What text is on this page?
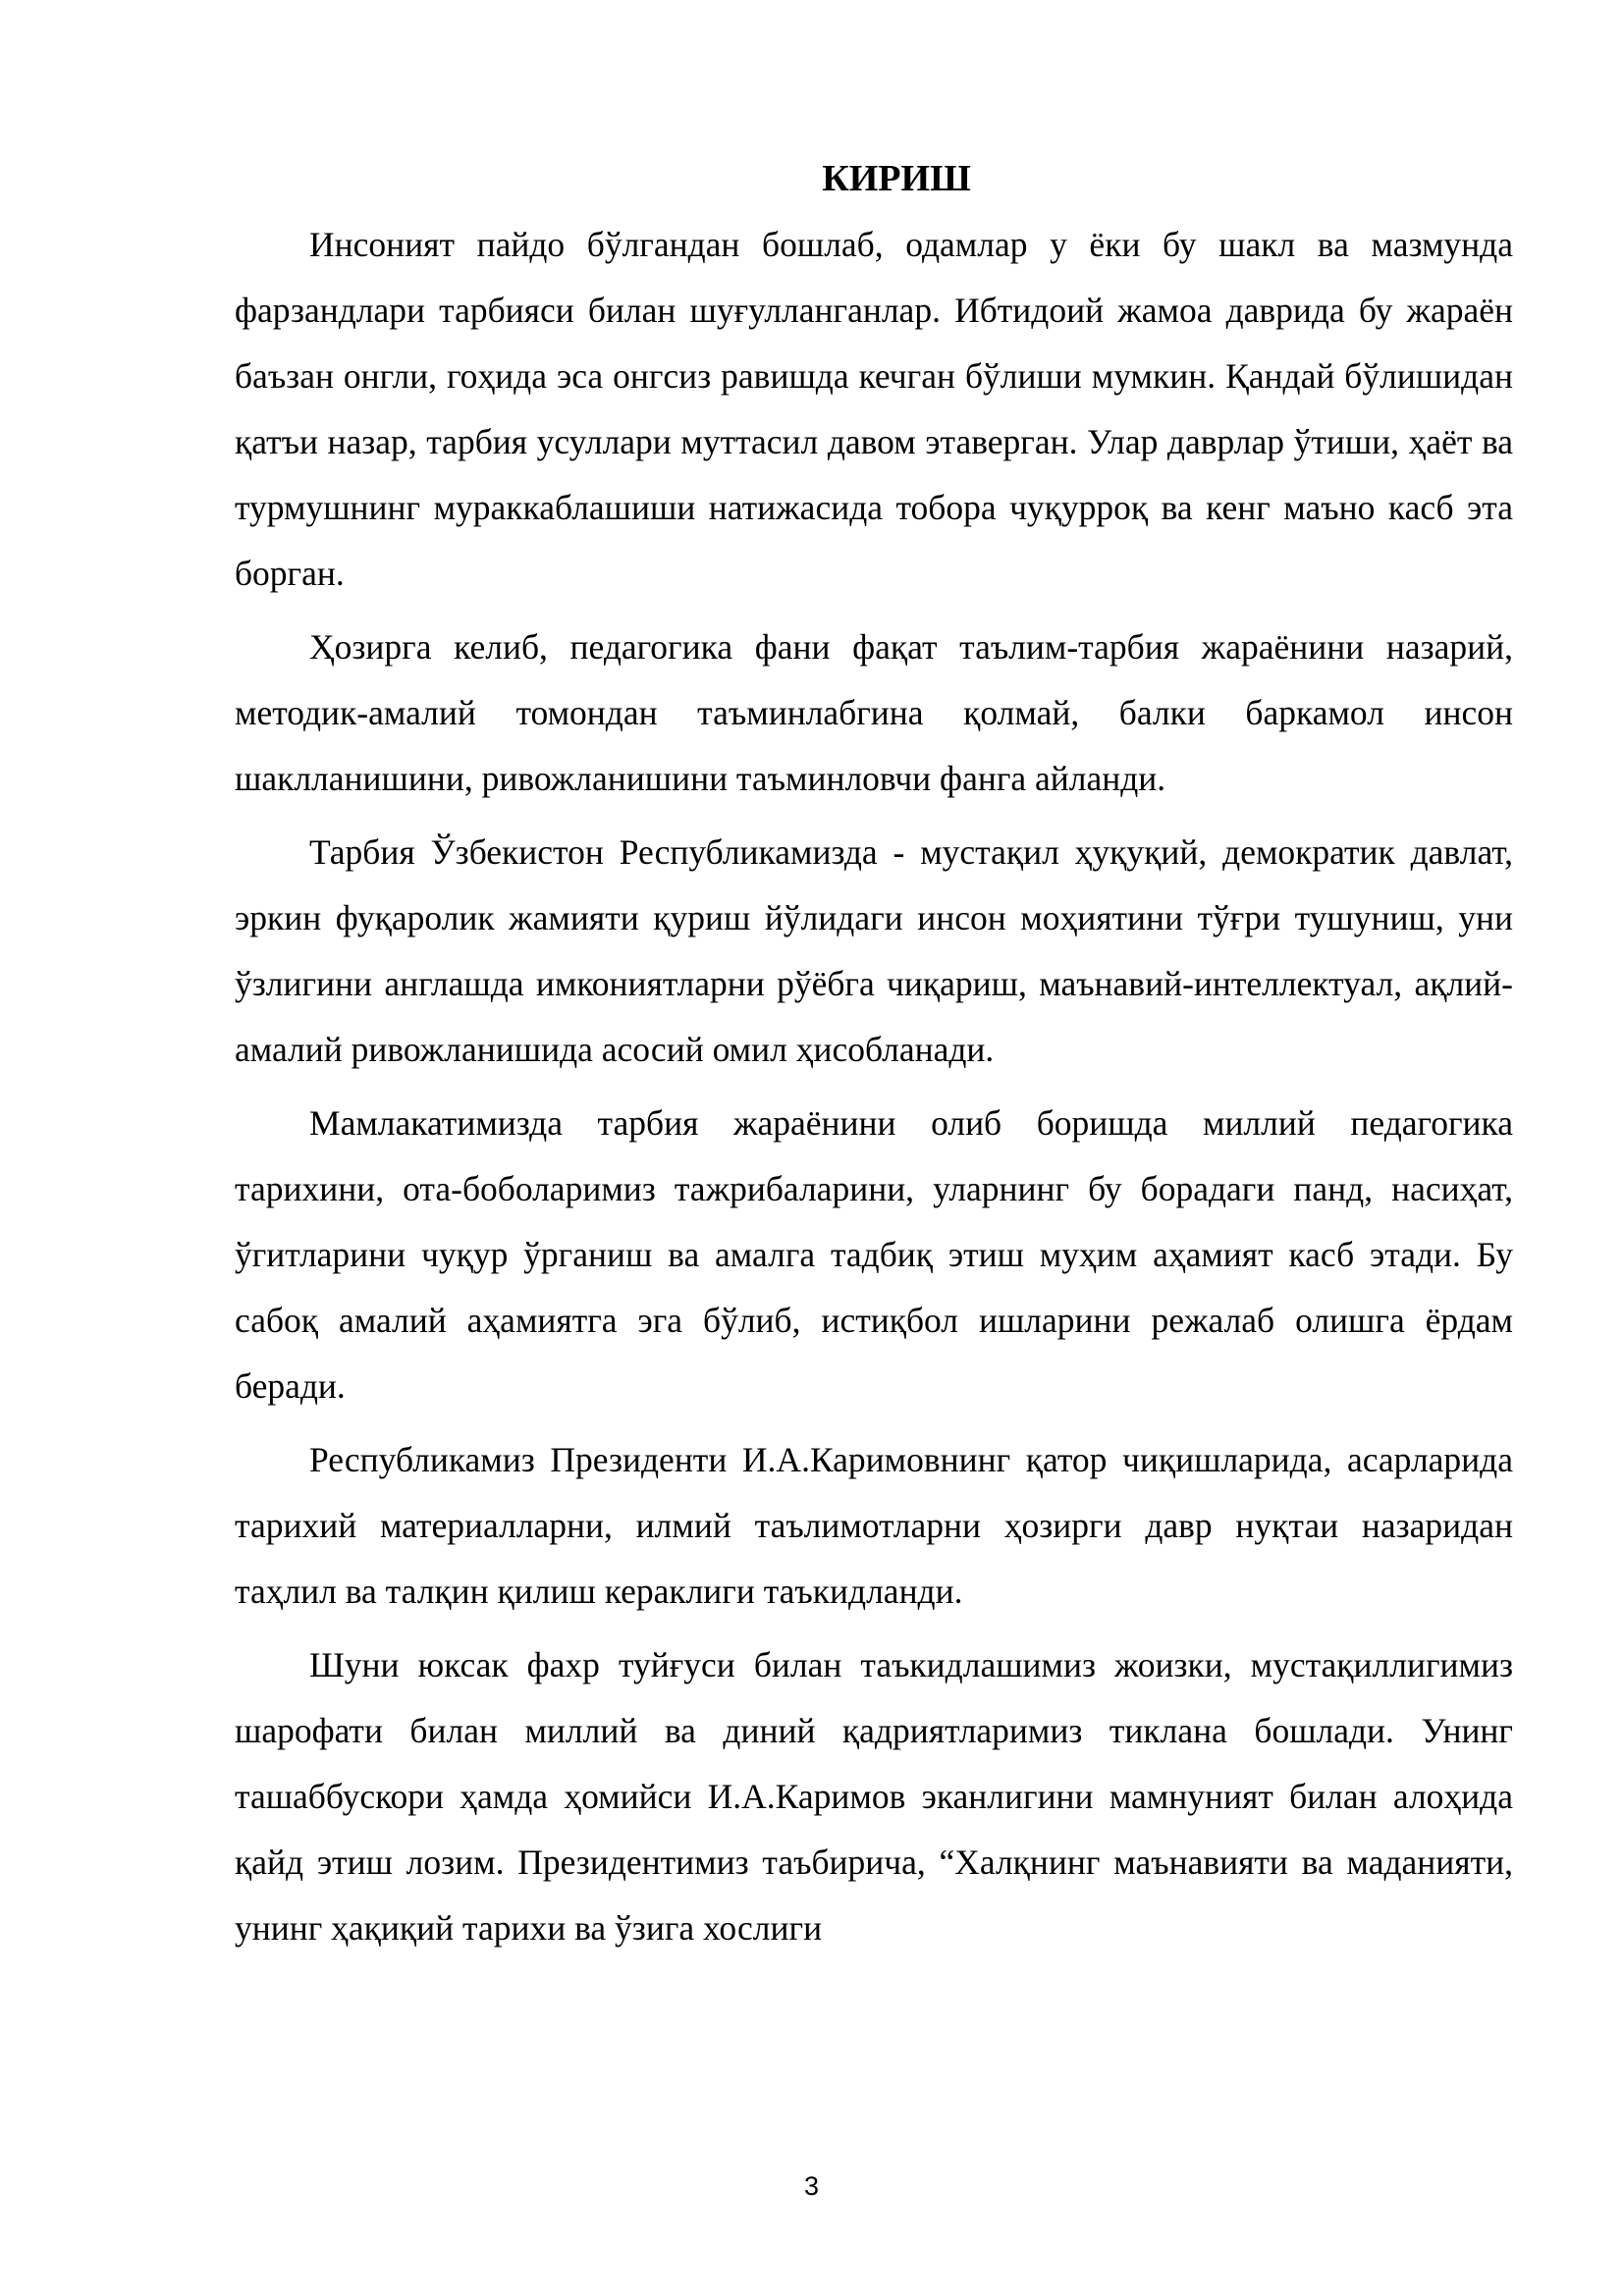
КИРИШ

Инсоният пайдо бўлгандан бошлаб, одамлар у ёки бу шакл ва мазмунда фарзандлари тарбияси билан шуғулланганлар. Ибтидоий жамоа даврида бу жараён баъзан онгли, гоҳида эса онгсиз равишда кечган бўлиши мумкин. Қандай бўлишидан қатъи назар, тарбия усуллари муттасил давом этаверган. Улар даврлар ўтиши, ҳаёт ва турмушнинг мураккаблашиши натижасида тобора чуқурроқ ва кенг маъно касб эта борган.

Ҳозирга келиб, педагогика фани фақат таълим-тарбия жараёнини назарий, методик-амалий томондан таъминлабгина қолмай, балки баркамол инсон шаклланишини, ривожланишини таъминловчи фанга айланди.

Тарбия Ўзбекистон Республикамизда - мустақил ҳуқуқий, демократик давлат, эркин фуқаролик жамияти қуриш йўлидаги инсон моҳиятини тўғри тушуниш, уни ўзлигини англашда имкониятларни рўёбга чиқариш, маънавий-интеллектуал, ақлий-амалий ривожланишида асосий омил ҳисобланади.

Мамлакатимизда тарбия жараёнини олиб боришда миллий педагогика тарихини, ота-боболаримиз тажрибаларини, уларнинг бу борадаги панд, насиҳат, ўгитларини чуқур ўрганиш ва амалга тадбиқ этиш муҳим аҳамият касб этади. Бу сабоқ амалий аҳамиятга эга бўлиб, истиқбол ишларини режалаб олишга ёрдам беради.

Республикамиз Президенти И.А.Каримовнинг қатор чиқишларида, асарларида тарихий материалларни, илмий таълимотларни ҳозирги давр нуқтаи назаридан таҳлил ва талқин қилиш кераклиги таъкидланди.

Шуни юксак фахр туйғуси билан таъкидлашимиз жоизки, мустақиллигимиз шарофати билан миллий ва диний қадриятларимиз тиклана бошлади. Унинг ташаббускори ҳамда ҳомийси И.А.Каримов эканлигини мамнуният билан алоҳида қайд этиш лозим. Президентимиз таъбирича, “Халқнинг маънавияти ва маданияти, унинг ҳақиқий тарихи ва ўзига хослиги

3
